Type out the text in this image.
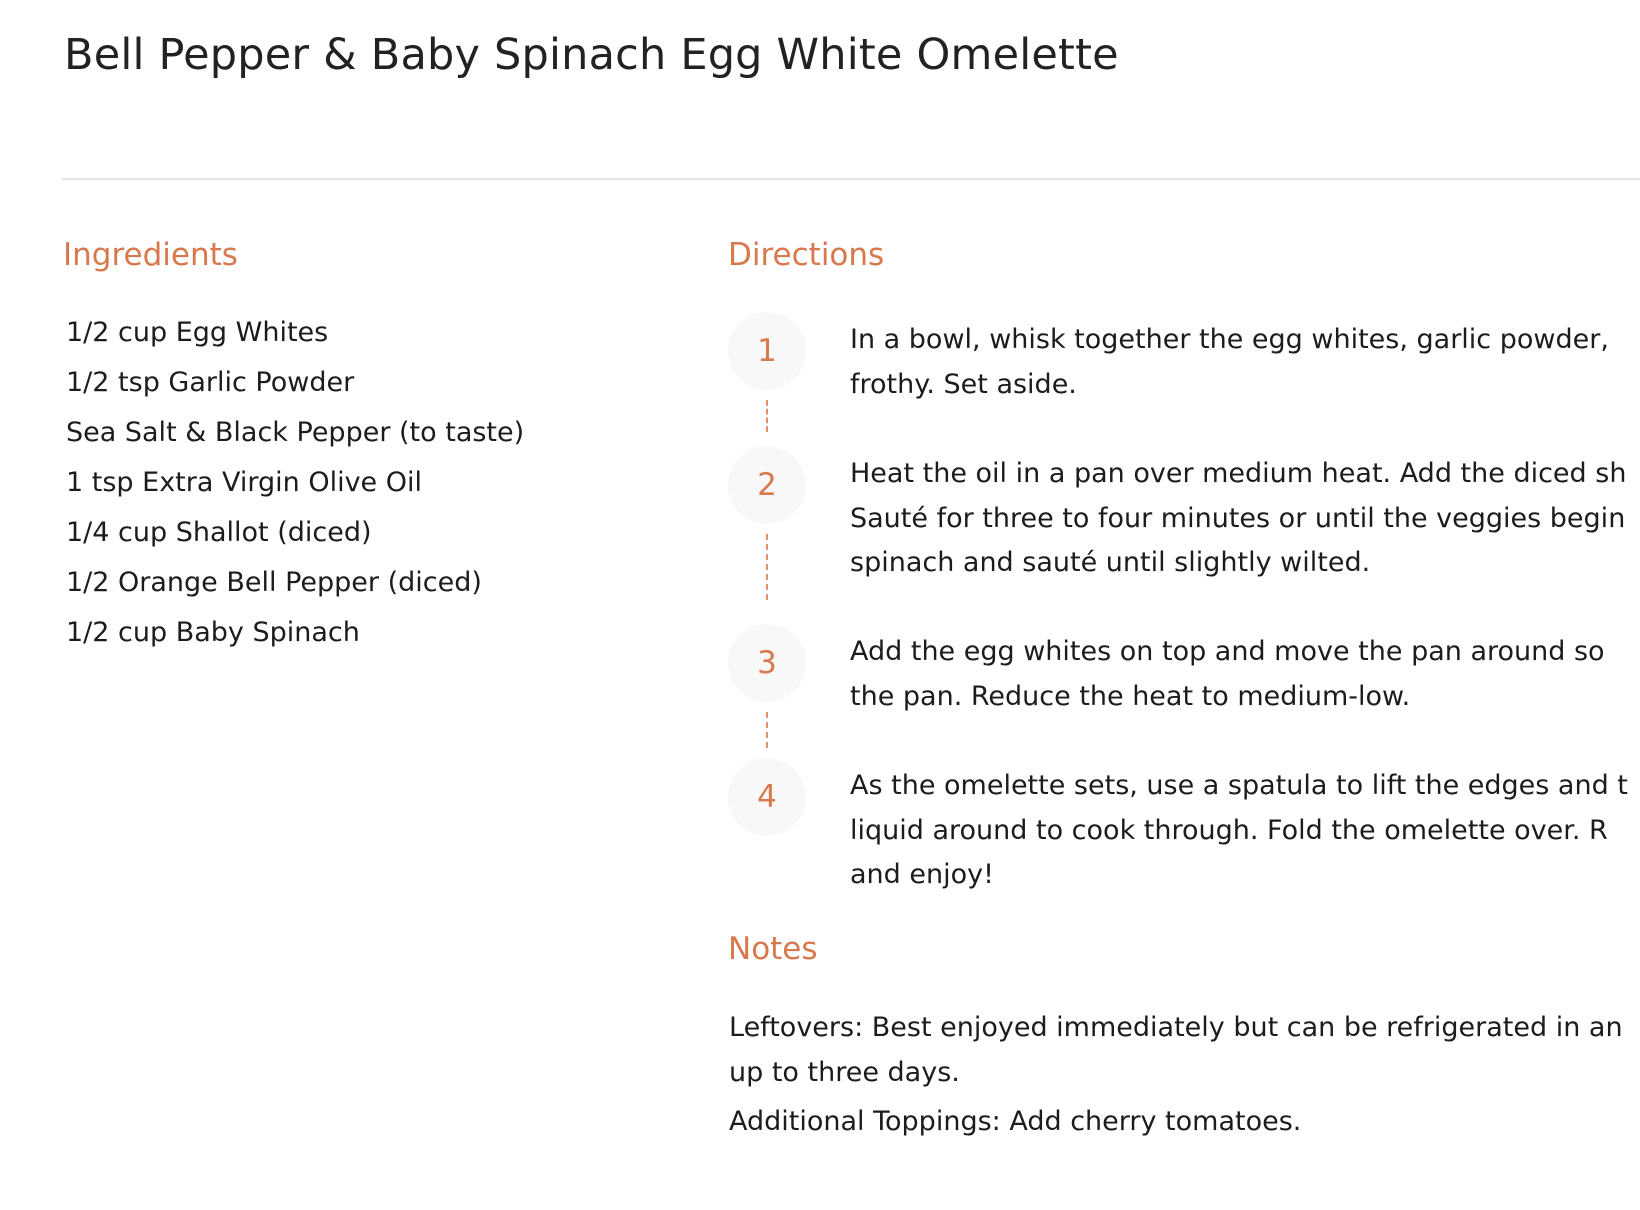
Bell Pepper & Baby Spinach Egg White Omelette
Ingredients
1/2 cup Egg Whites
1/2 tsp Garlic Powder
Sea Salt & Black Pepper (to taste)
1 tsp Extra Virgin Olive Oil
1/4 cup Shallot (diced)
1/2 Orange Bell Pepper (diced)
1/2 cup Baby Spinach
Directions
1	In a bowl, whisk together the egg whites, garlic powder,
frothy. Set aside.
2	Heat the oil in a pan over medium heat. Add the diced sh
Sauté for three to four minutes or until the veggies begin
spinach and sauté until slightly wilted.
3	Add the egg whites on top and move the pan around so
the pan. Reduce the heat to medium-low.
4	As the omelette sets, use a spatula to lift the edges and t
liquid around to cook through. Fold the omelette over. R
and enjoy!
Notes
Leftovers: Best enjoyed immediately but can be refrigerated in an
up to three days.
Additional Toppings: Add cherry tomatoes.
